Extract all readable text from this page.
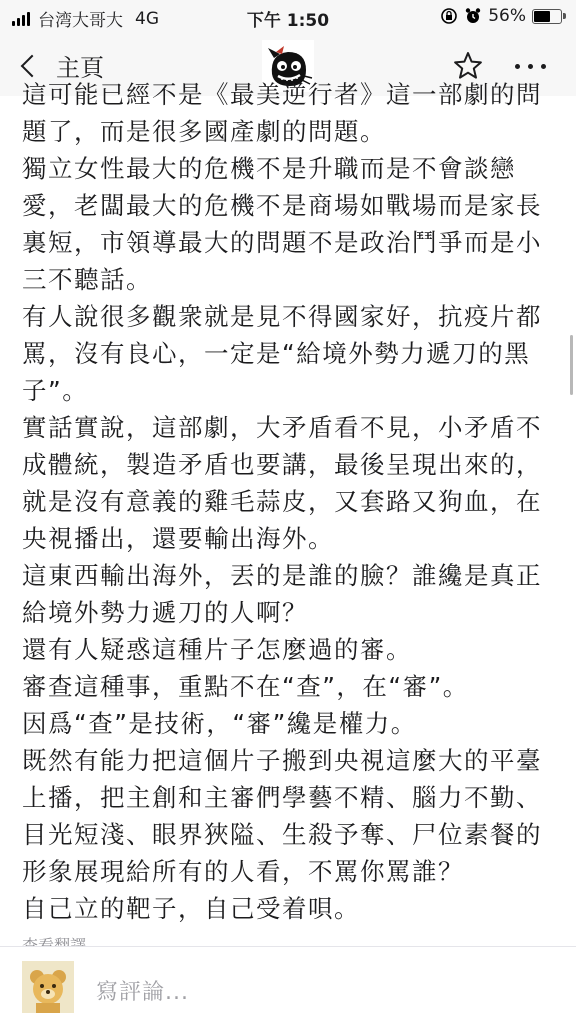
台湾大哥大 4G	下午 1:50	56%
主頁

這可能已經不是《最美逆行者》這一部劇的問題了，而是很多國產劇的問題。

獨立女性最大的危機不是升職而是不會談戀愛，老闆最大的危機不是商場如戰場而是家長裏短，市領導最大的問題不是政治鬥爭而是小三不聽話。

有人說很多觀衆就是見不得國家好，抗疫片都罵，沒有良心，一定是“給境外勢力遞刀的黑子”。

實話實說，這部劇，大矛盾看不見，小矛盾不成體統，製造矛盾也要講，最後呈現出來的，就是沒有意義的雞毛蒜皮，又套路又狗血，在央視播出，還要輸出海外。

這東西輸出海外，丟的是誰的臉？誰纔是真正給境外勢力遞刀的人啊？

還有人疑惑這種片子怎麼過的審。

審查這種事，重點不在“查”，在“審”。

因爲“查”是技術，“審”纔是權力。

既然有能力把這個片子搬到央視這麼大的平臺上播，把主創和主審們學藝不精、腦力不勤、目光短淺、眼界狹隘、生殺予奪、尸位素餐的形象展現給所有的人看，不罵你罵誰？

自己立的靶子，自己受着唄。

寫評論...
